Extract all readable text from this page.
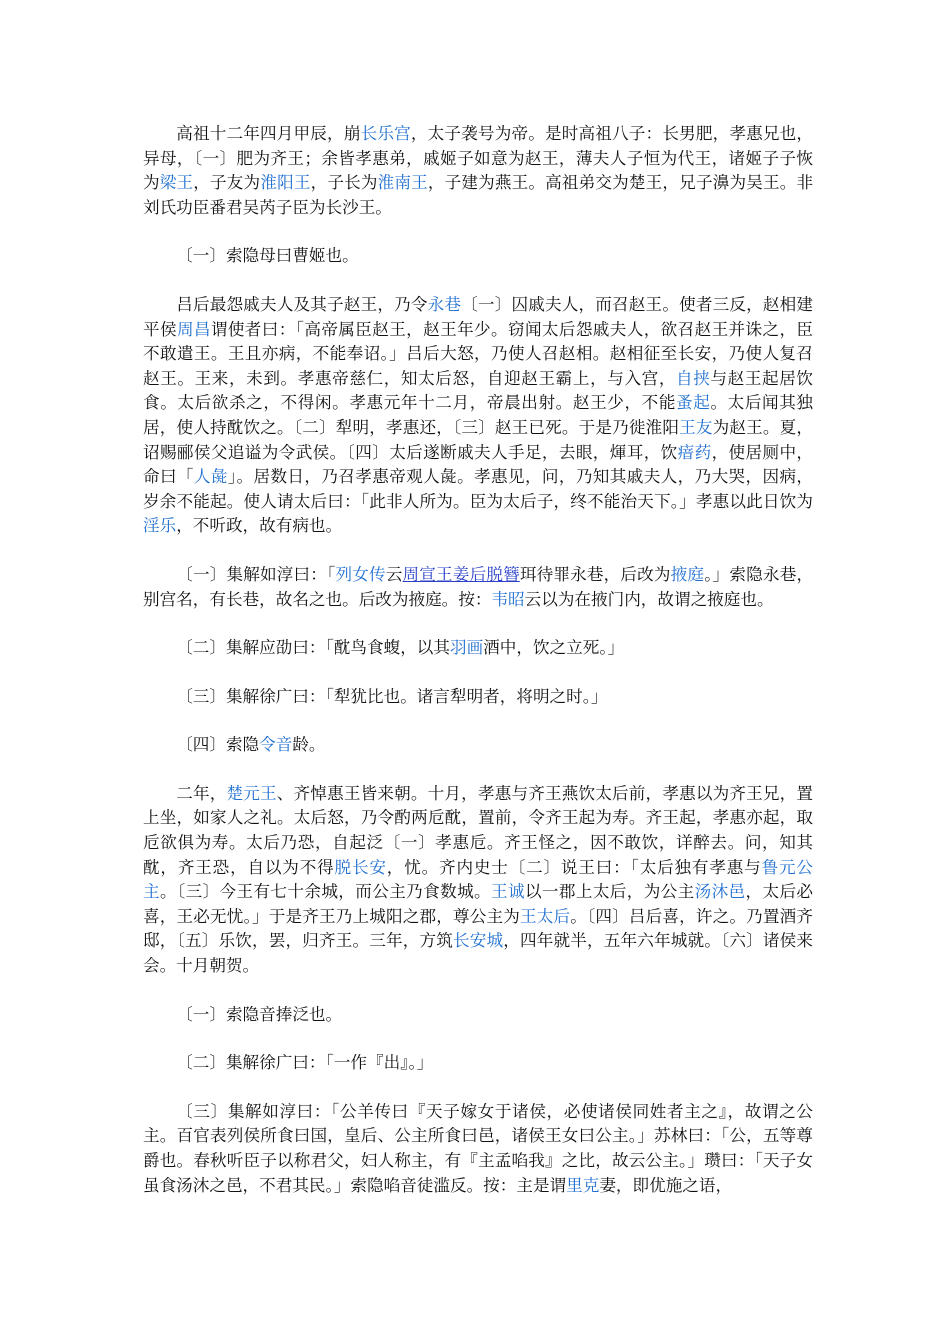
高祖十二年四月甲辰，崩长乐宫，太子袭号为帝。是时高祖八子：长男肥，孝惠兄也，异母，〔一〕肥为齐王；余皆孝惠弟，戚姬子如意为赵王，薄夫人子恒为代王，诸姬子子恢为梁王，子友为淮阳王，子长为淮南王，子建为燕王。高祖弟交为楚王，兄子濞为吴王。非刘氏功臣番君吴芮子臣为长沙王。

〔一〕索隐母曰曹姬也。

吕后最怨戚夫人及其子赵王，乃令永巷〔一〕囚戚夫人，而召赵王。使者三反，赵相建平侯周昌谓使者曰：「高帝属臣赵王，赵王年少。窃闻太后怨戚夫人，欲召赵王并诛之，臣不敢遣王。王且亦病，不能奉诏。」吕后大怒，乃使人召赵相。赵相征至长安，乃使人复召赵王。王来，未到。孝惠帝慈仁，知太后怒，自迎赵王霸上，与入宫，自挟与赵王起居饮食。太后欲杀之，不得闲。孝惠元年十二月，帝晨出射。赵王少，不能蚤起。太后闻其独居，使人持酖饮之。〔二〕犁明，孝惠还，〔三〕赵王已死。于是乃徙淮阳王友为赵王。夏，诏赐郦侯父追谥为令武侯。〔四〕太后遂断戚夫人手足，去眼，煇耳，饮瘖药，使居厕中，命曰「人彘」。居数日，乃召孝惠帝观人彘。孝惠见，问，乃知其戚夫人，乃大哭，因病，岁余不能起。使人请太后曰：「此非人所为。臣为太后子，终不能治天下。」孝惠以此日饮为淫乐，不听政，故有病也。

〔一〕集解如淳曰：「列女传云周宣王姜后脱簪珥待罪永巷，后改为掖庭。」索隐永巷，别宫名，有长巷，故名之也。后改为掖庭。按：韦昭云以为在掖门内，故谓之掖庭也。

〔二〕集解应劭曰：「酖鸟食蝮，以其羽画酒中，饮之立死。」

〔三〕集解徐广曰：「犁犹比也。诸言犁明者，将明之时。」

〔四〕索隐令音龄。

二年，楚元王、齐悼惠王皆来朝。十月，孝惠与齐王燕饮太后前，孝惠以为齐王兄，置上坐，如家人之礼。太后怒，乃令酌两卮酖，置前，令齐王起为寿。齐王起，孝惠亦起，取卮欲俱为寿。太后乃恐，自起泛〔一〕孝惠卮。齐王怪之，因不敢饮，详醉去。问，知其酖，齐王恐，自以为不得脱长安，忧。齐内史士〔二〕说王曰：「太后独有孝惠与鲁元公主。〔三〕今王有七十余城，而公主乃食数城。王诚以一郡上太后，为公主汤沐邑，太后必喜，王必无忧。」于是齐王乃上城阳之郡，尊公主为王太后。〔四〕吕后喜，许之。乃置酒齐邸，〔五〕乐饮，罢，归齐王。三年，方筑长安城，四年就半，五年六年城就。〔六〕诸侯来会。十月朝贺。

〔一〕索隐音捧泛也。

〔二〕集解徐广曰：「一作『出』。」

〔三〕集解如淳曰：「公羊传曰『天子嫁女于诸侯，必使诸侯同姓者主之』，故谓之公主。百官表列侯所食曰国，皇后、公主所食曰邑，诸侯王女曰公主。」苏林曰：「公，五等尊爵也。春秋听臣子以称君父，妇人称主，有『主孟啗我』之比，故云公主。」瓒曰：「天子女虽食汤沐之邑，不君其民。」索隐啗音徒滥反。按：主是谓里克妻，即优施之语，
